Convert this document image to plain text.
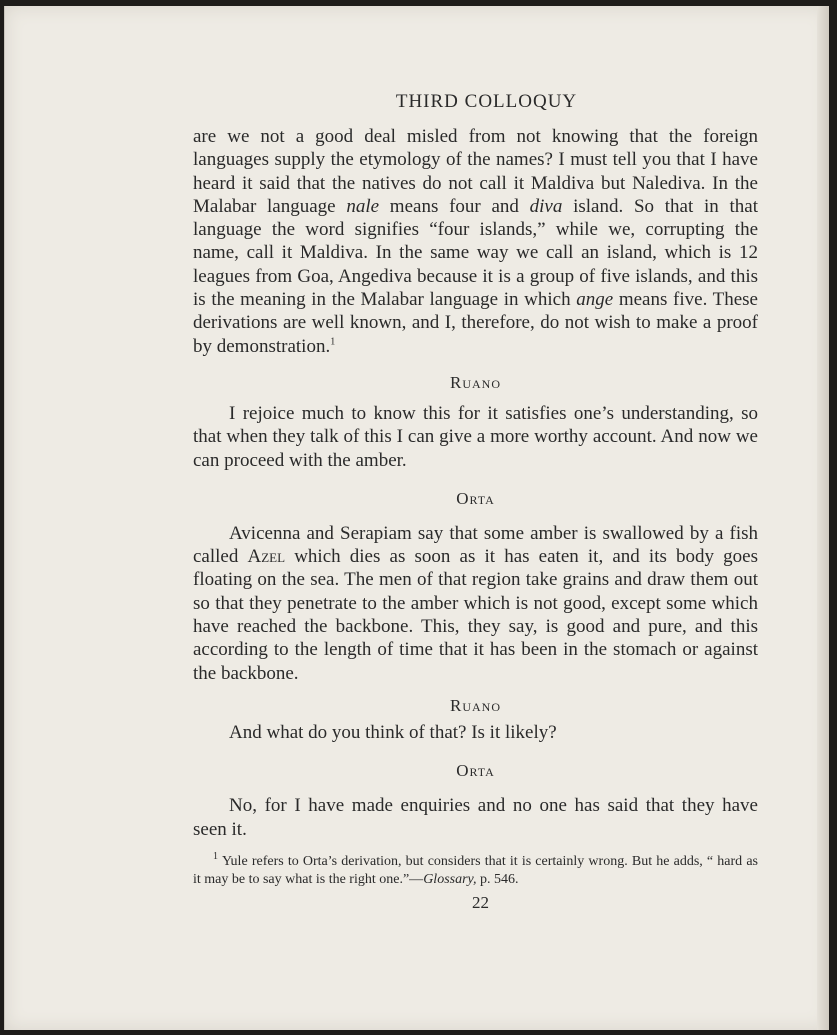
THIRD COLLOQUY

are we not a good deal misled from not knowing that the foreign languages supply the etymology of the names? I must tell you that I have heard it said that the natives do not call it Maldiva but Nalediva. In the Malabar language nale means four and diva island. So that in that language the word signifies “four islands,” while we, corrupting the name, call it Maldiva. In the same way we call an island, which is 12 leagues from Goa, Angediva because it is a group of five islands, and this is the meaning in the Malabar language in which ange means five. These derivations are well known, and I, therefore, do not wish to make a proof by demonstration.$^1$

Ruano

I rejoice much to know this for it satisfies one’s understanding, so that when they talk of this I can give a more worthy account. And now we can proceed with the amber.

Orta

Avicenna and Serapiam say that some amber is swallowed by a fish called Azel which dies as soon as it has eaten it, and its body goes floating on the sea. The men of that region take grains and draw them out so that they penetrate to the amber which is not good, except some which have reached the backbone. This, they say, is good and pure, and this according to the length of time that it has been in the stomach or against the backbone.

Ruano

And what do you think of that? Is it likely?

Orta

No, for I have made enquiries and no one has said that they have seen it.

$^1$ Yule refers to Orta’s derivation, but considers that it is certainly wrong. But he adds, “ hard as it may be to say what is the right one.”—Glossary, p. 546.

22
